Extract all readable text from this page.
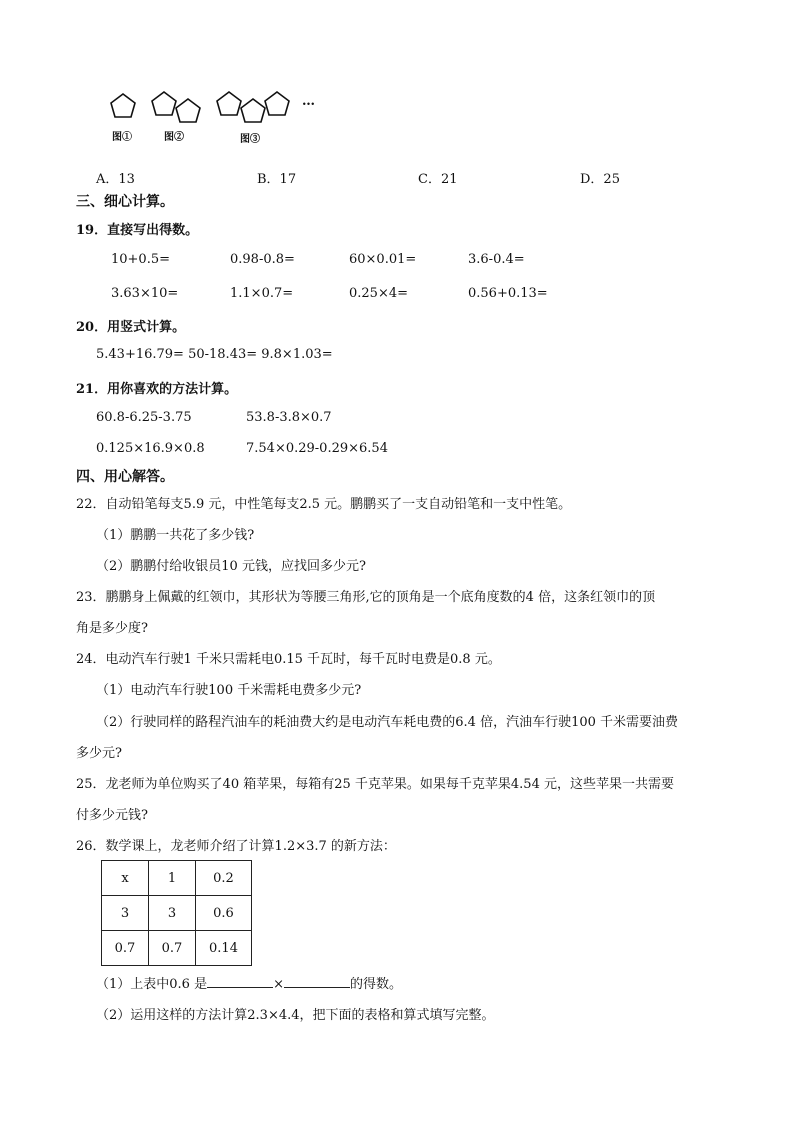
图①	图②	图③
…
A．13	B．17	C．21	D．25
三、细心计算。
19．直接写出得数。
10+0.5=	0.98-0.8=	60×0.01=	3.6-0.4=
3.63×10=	1.1×0.7=	0.25×4=	0.56+0.13=
20．用竖式计算。
5.43+16.79= 50-18.43= 9.8×1.03=
21．用你喜欢的方法计算。
60.8-6.25-3.75	53.8-3.8×0.7
0.125×16.9×0.8	7.54×0.29-0.29×6.54
四、用心解答。
22．自动铅笔每支5.9 元，中性笔每支2.5 元。鹏鹏买了一支自动铅笔和一支中性笔。
（1）鹏鹏一共花了多少钱?
（2）鹏鹏付给收银员10 元钱，应找回多少元?
23．鹏鹏身上佩戴的红领巾，其形状为等腰三角形,它的顶角是一个底角度数的4 倍，这条红领巾的顶
角是多少度?
24．电动汽车行驶1 千米只需耗电0.15 千瓦时，每千瓦时电费是0.8 元。
（1）电动汽车行驶100 千米需耗电费多少元?
（2）行驶同样的路程汽油车的耗油费大约是电动汽车耗电费的6.4 倍，汽油车行驶100 千米需要油费
多少元?
25．龙老师为单位购买了40 箱苹果，每箱有25 千克苹果。如果每千克苹果4.54 元，这些苹果一共需要
付多少元钱?
26．数学课上，龙老师介绍了计算1.2×3.7 的新方法：
x	1	0.2
3	3	0.6
0.7	0.7	0.14
（1）上表中0.6 是	×	的得数。
（2）运用这样的方法计算2.3×4.4，把下面的表格和算式填写完整。
